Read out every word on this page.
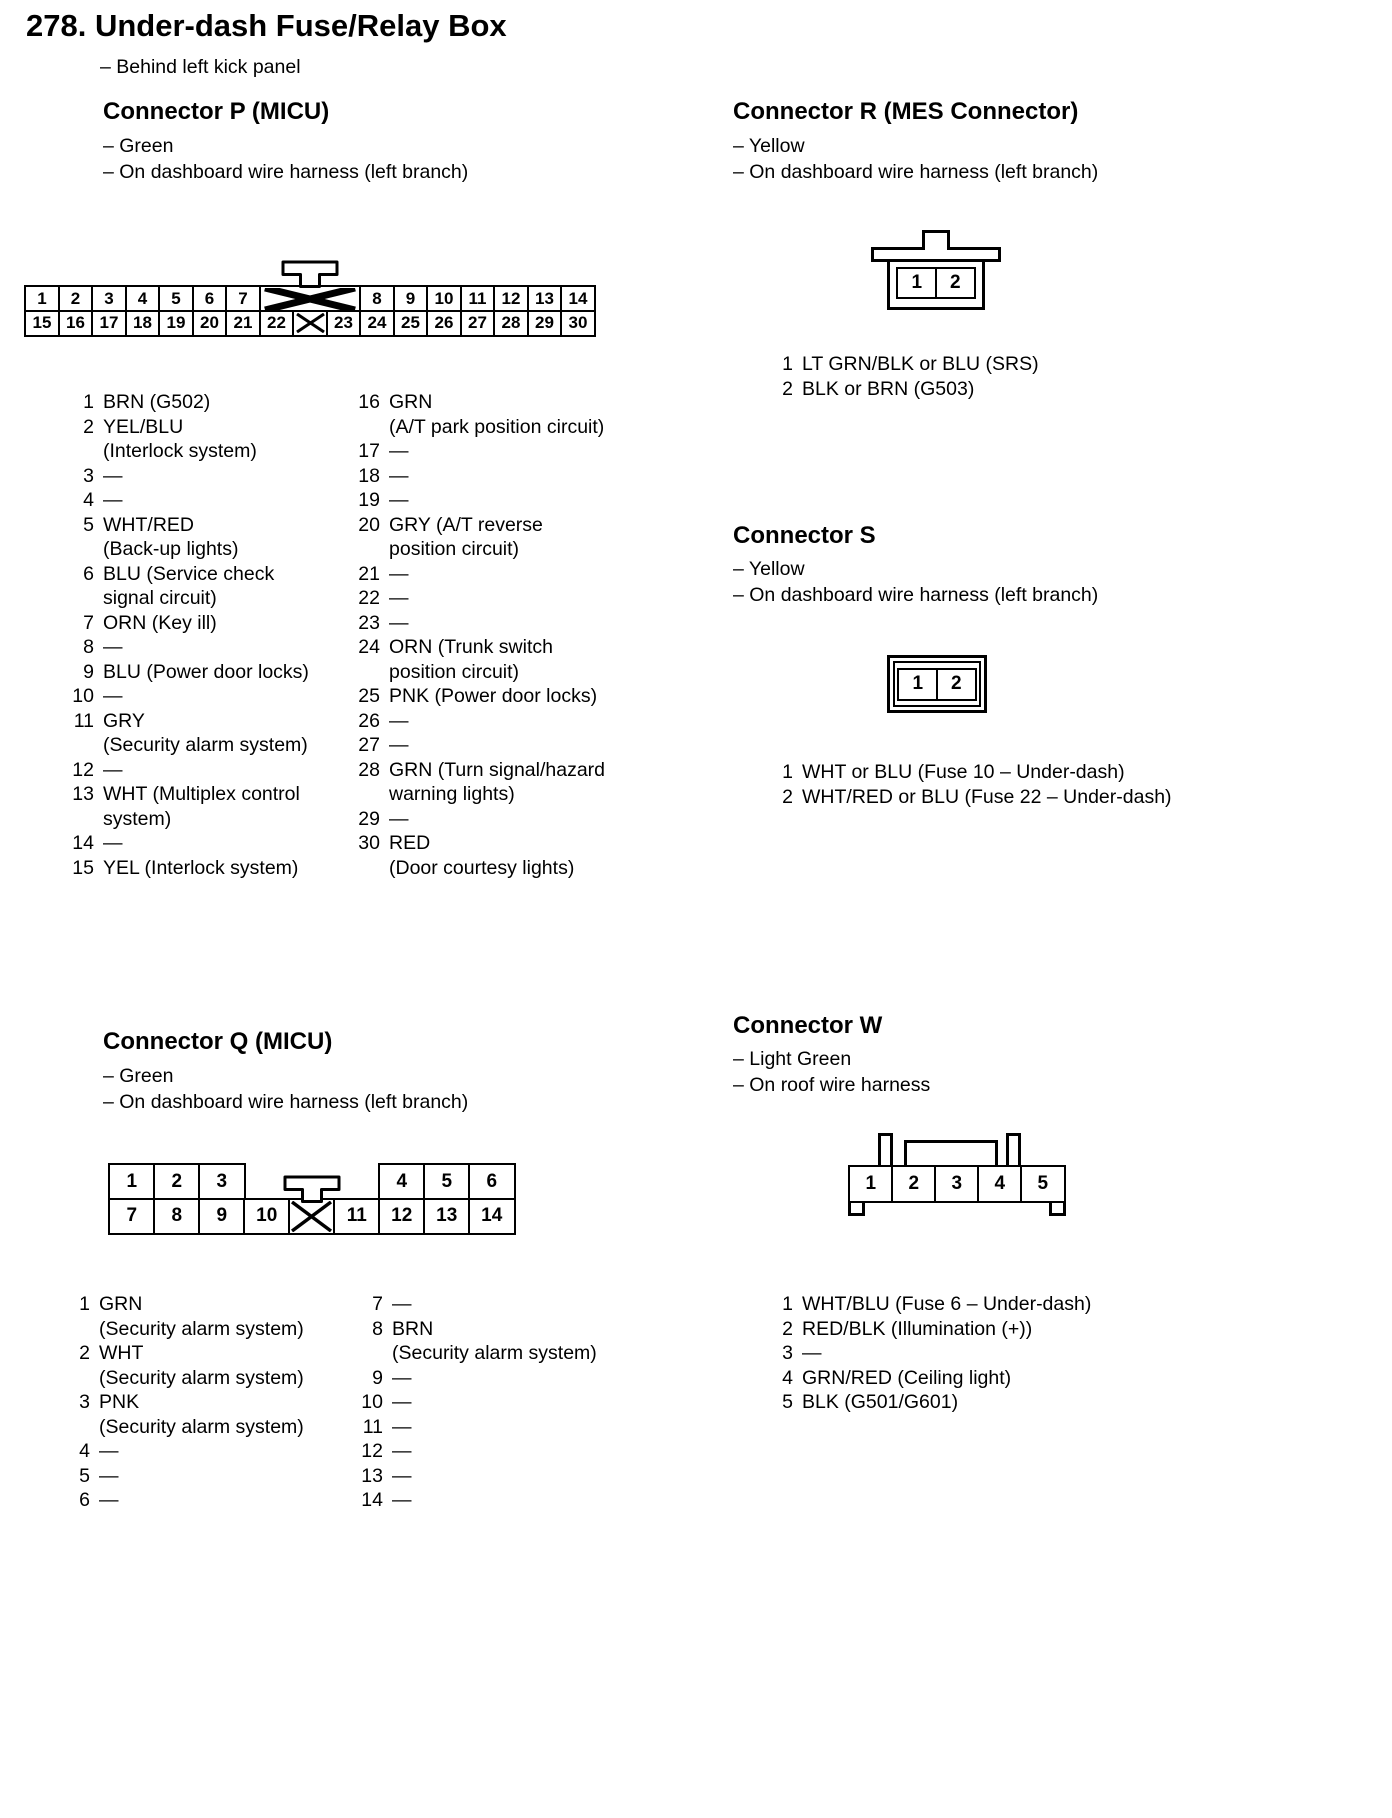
278. Under-dash Fuse/Relay Box
– Behind left kick panel
Connector P (MICU)
– Green
– On dashboard wire harness (left branch)
1	2	3	4	5	6	7	8	9	10 11 12 13 14
15 16 17 18 19 20 21 22	23 24 25 26 27 28 29 30
1 BRN (G502)
2 YEL/BLU
(Interlock system)
3 —
4 —
5 WHT/RED
(Back-up lights)
6 BLU (Service check
signal circuit)
7 ORN (Key ill)
8 —
9 BLU (Power door locks)
10 —
11 GRY
(Security alarm system)
12 —
13 WHT (Multiplex control
system)
14 —
15 YEL (Interlock system)
16 GRN
(A/T park position circuit)
17 —
18 —
19 —
20 GRY (A/T reverse
position circuit)
21 —
22 —
23 —
24 ORN (Trunk switch
position circuit)
25 PNK (Power door locks)
26 —
27 —
28 GRN (Turn signal/hazard
warning lights)
29 —
30 RED
(Door courtesy lights)
Connector R (MES Connector)
– Yellow
– On dashboard wire harness (left branch)
1	2
1 LT GRN/BLK or BLU (SRS)
2 BLK or BRN (G503)
Connector S
– Yellow
– On dashboard wire harness (left branch)
1	2
1 WHT or BLU (Fuse 10 – Under-dash)
2 WHT/RED or BLU (Fuse 22 – Under-dash)
Connector Q (MICU)
– Green
– On dashboard wire harness (left branch)
1	2	3	4	5	6
7	8	9	10	11	12	13	14
1 GRN
(Security alarm system)
2 WHT
(Security alarm system)
3 PNK
(Security alarm system)
4 —
5 —
6 —
7 —
8 BRN
(Security alarm system)
9 —
10 —
11 —
12 —
13 —
14 —
Connector W
– Light Green
– On roof wire harness
1	2	3	4	5
1 WHT/BLU (Fuse 6 – Under-dash)
2 RED/BLK (Illumination (+))
3 —
4 GRN/RED (Ceiling light)
5 BLK (G501/G601)
